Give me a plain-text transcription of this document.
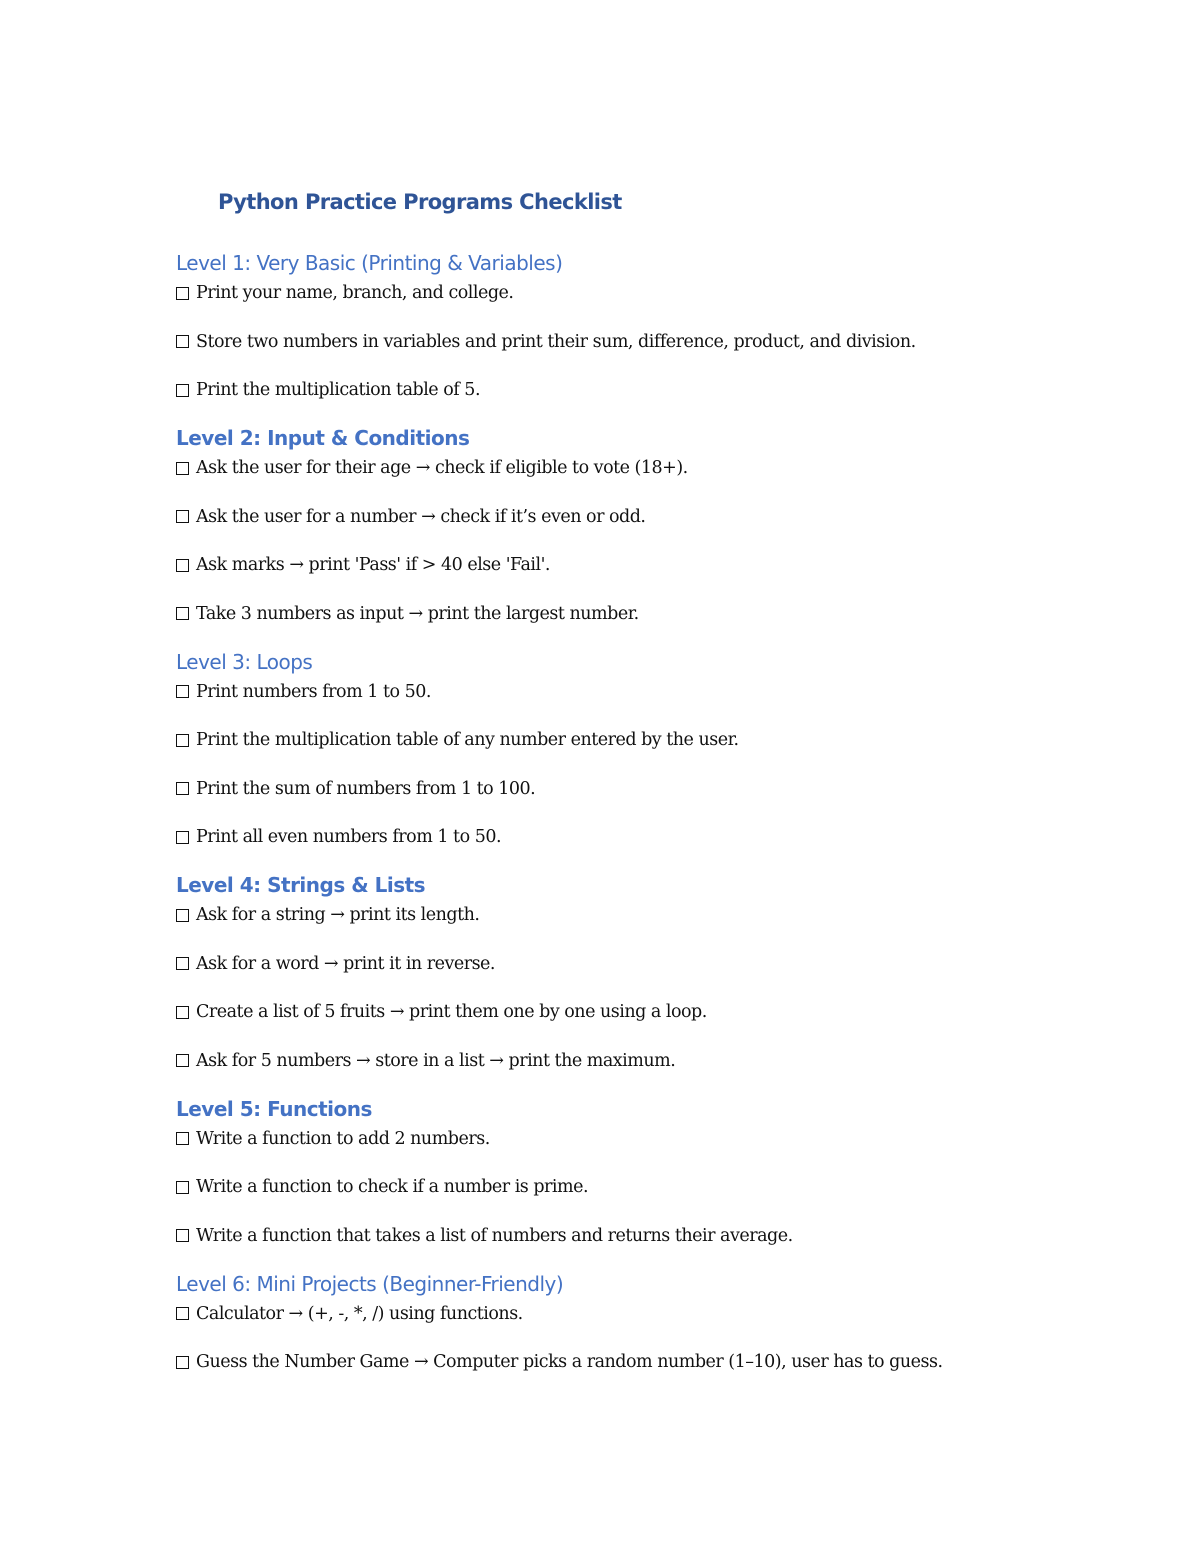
Python Practice Programs Checklist
Level 1: Very Basic (Printing & Variables)
Print your name, branch, and college.
Store two numbers in variables and print their sum, difference, product, and division.
Print the multiplication table of 5.
Level 2: Input & Conditions
Ask the user for their age → check if eligible to vote (18+).
Ask the user for a number → check if it’s even or odd.
Ask marks → print 'Pass' if > 40 else 'Fail'.
Take 3 numbers as input → print the largest number.
Level 3: Loops
Print numbers from 1 to 50.
Print the multiplication table of any number entered by the user.
Print the sum of numbers from 1 to 100.
Print all even numbers from 1 to 50.
Level 4: Strings & Lists
Ask for a string → print its length.
Ask for a word → print it in reverse.
Create a list of 5 fruits → print them one by one using a loop.
Ask for 5 numbers → store in a list → print the maximum.
Level 5: Functions
Write a function to add 2 numbers.
Write a function to check if a number is prime.
Write a function that takes a list of numbers and returns their average.
Level 6: Mini Projects (Beginner-Friendly)
Calculator → (+, -, *, /) using functions.
Guess the Number Game → Computer picks a random number (1–10), user has to guess.
